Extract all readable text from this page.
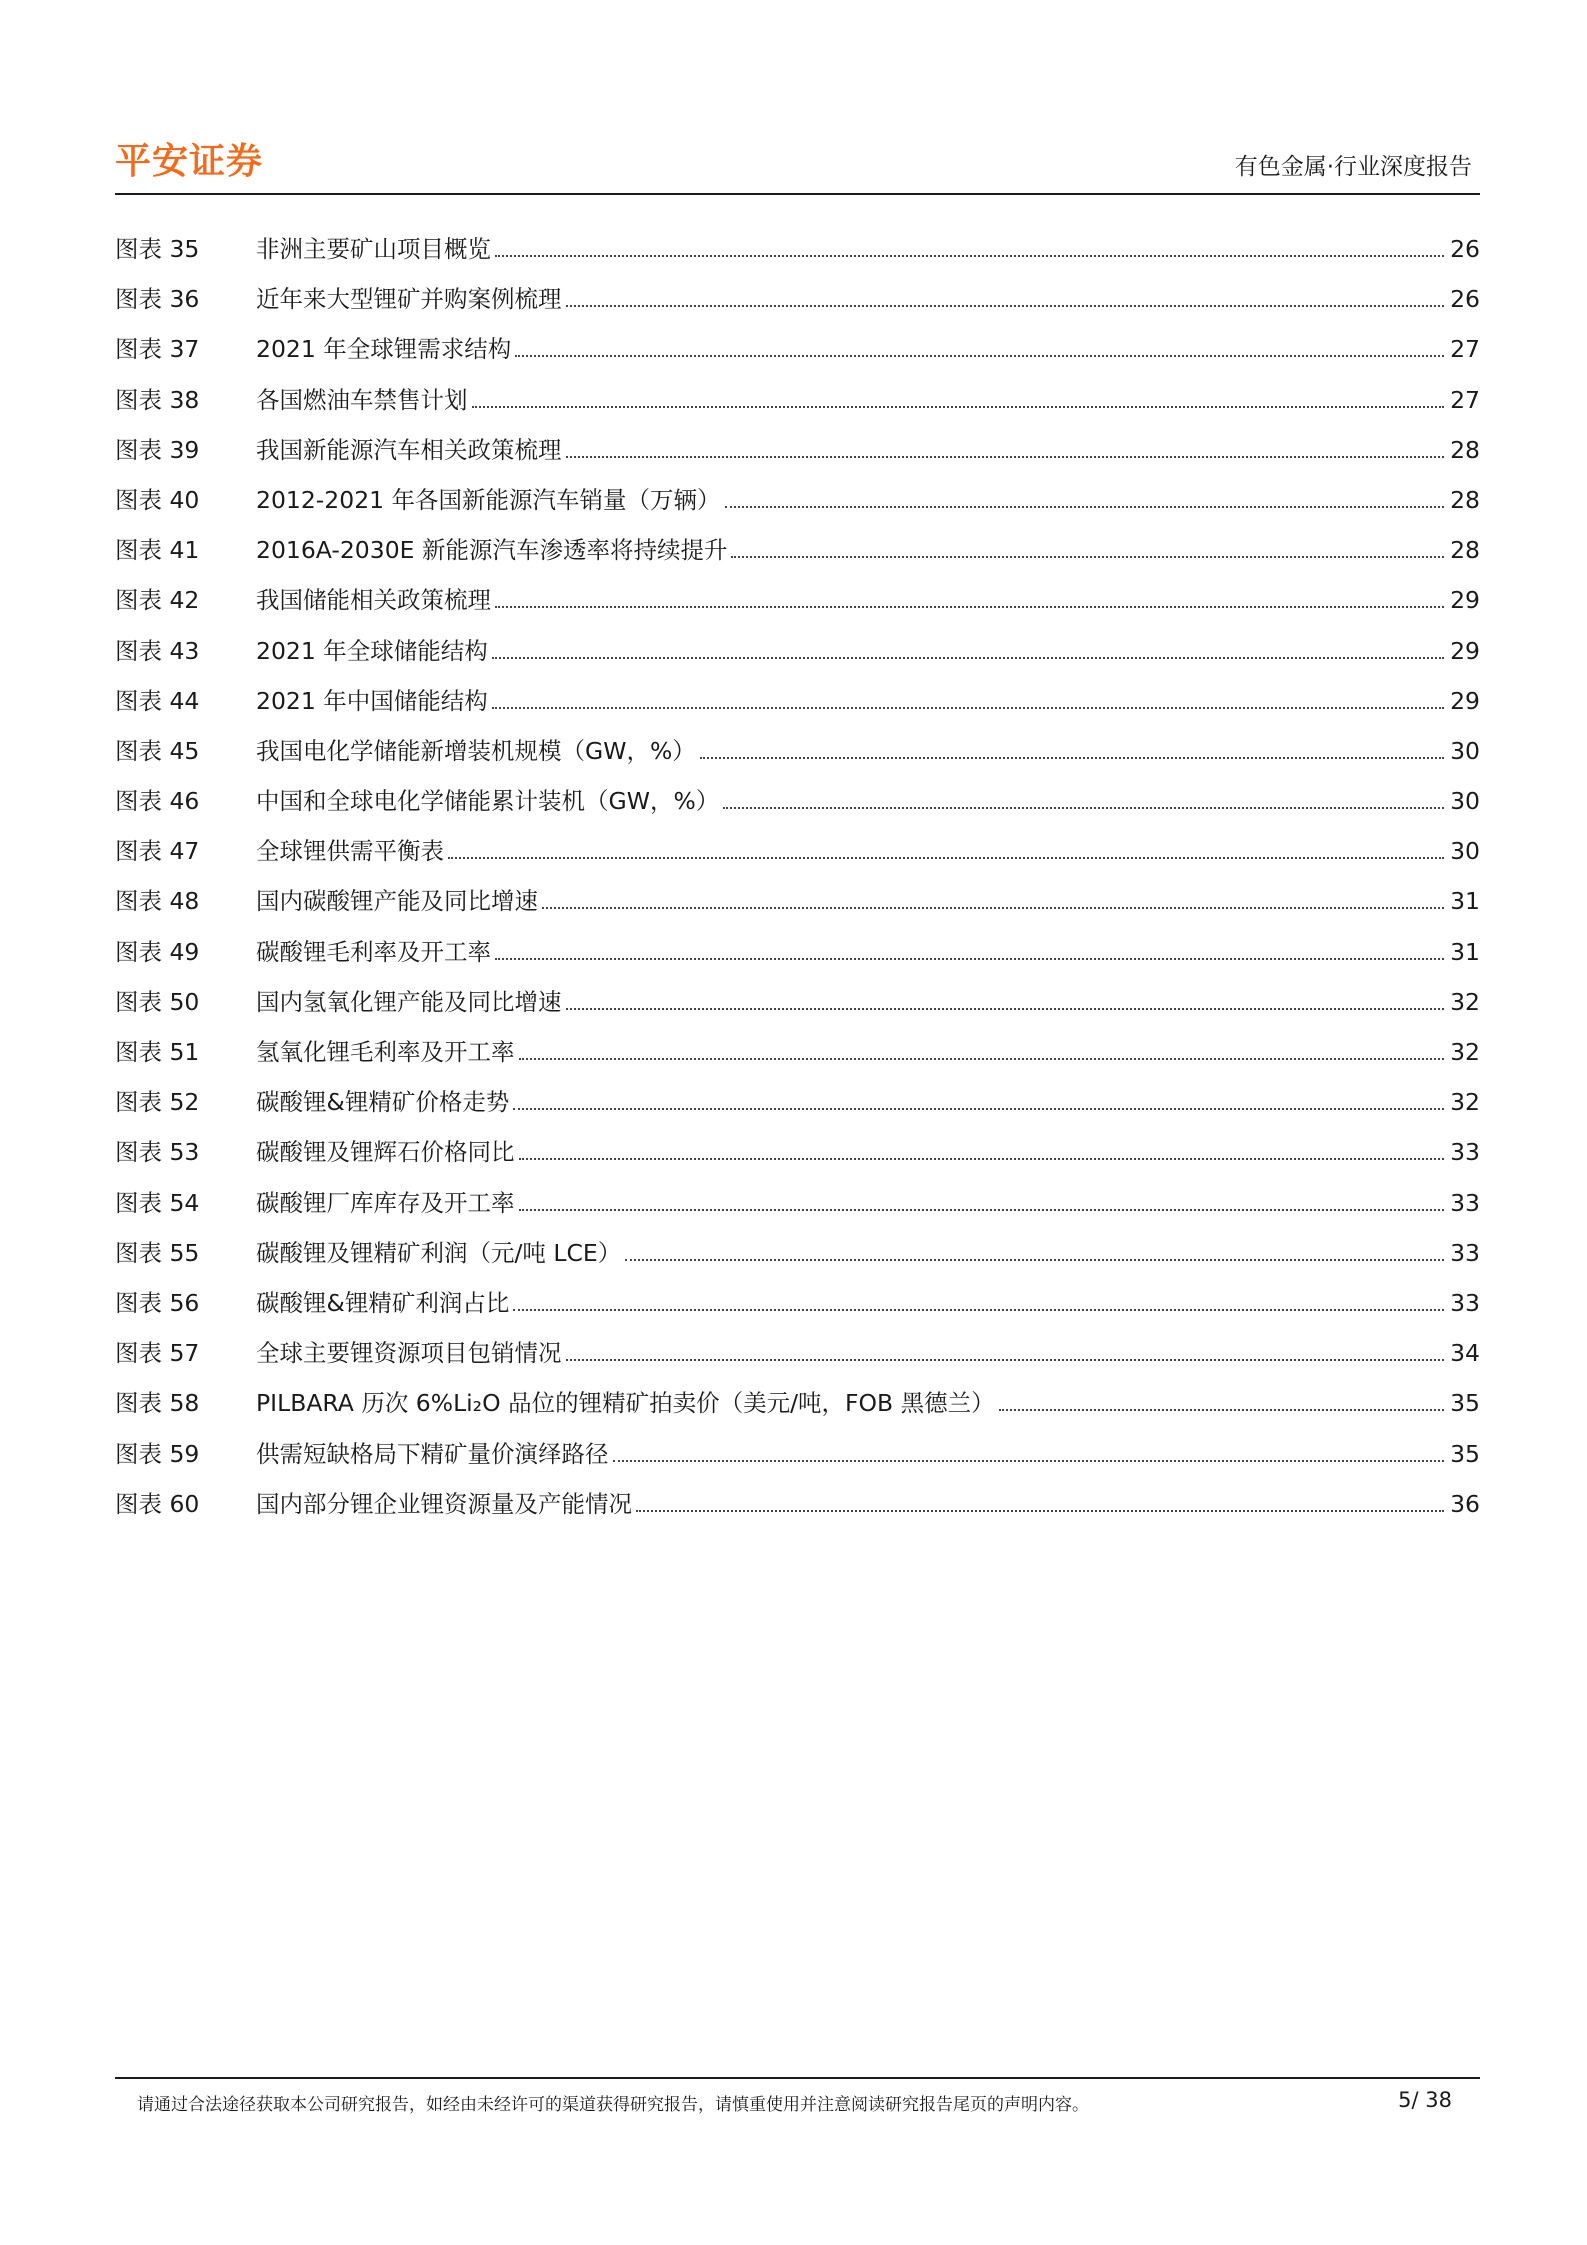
平安证券	有色金属·行业深度报告
图表 35	非洲主要矿山项目概览	26
图表 36	近年来大型锂矿并购案例梳理	26
图表 37	2021 年全球锂需求结构	27
图表 38	各国燃油车禁售计划	27
图表 39	我国新能源汽车相关政策梳理	28
图表 40	2012-2021 年各国新能源汽车销量（万辆）	28
图表 41	2016A-2030E 新能源汽车渗透率将持续提升	28
图表 42	我国储能相关政策梳理	29
图表 43	2021 年全球储能结构	29
图表 44	2021 年中国储能结构	29
图表 45	我国电化学储能新增装机规模（GW，%）	30
图表 46	中国和全球电化学储能累计装机（GW，%）	30
图表 47	全球锂供需平衡表	30
图表 48	国内碳酸锂产能及同比增速	31
图表 49	碳酸锂毛利率及开工率	31
图表 50	国内氢氧化锂产能及同比增速	32
图表 51	氢氧化锂毛利率及开工率	32
图表 52	碳酸锂&锂精矿价格走势	32
图表 53	碳酸锂及锂辉石价格同比	33
图表 54	碳酸锂厂库库存及开工率	33
图表 55	碳酸锂及锂精矿利润（元/吨 LCE）	33
图表 56	碳酸锂&锂精矿利润占比	33
图表 57	全球主要锂资源项目包销情况	34
图表 58	PILBARA 历次 6%Li₂O 品位的锂精矿拍卖价（美元/吨，FOB 黑德兰）	35
图表 59	供需短缺格局下精矿量价演绎路径	35
图表 60	国内部分锂企业锂资源量及产能情况	36
请通过合法途径获取本公司研究报告，如经由未经许可的渠道获得研究报告，请慎重使用并注意阅读研究报告尾页的声明内容。	5/ 38
